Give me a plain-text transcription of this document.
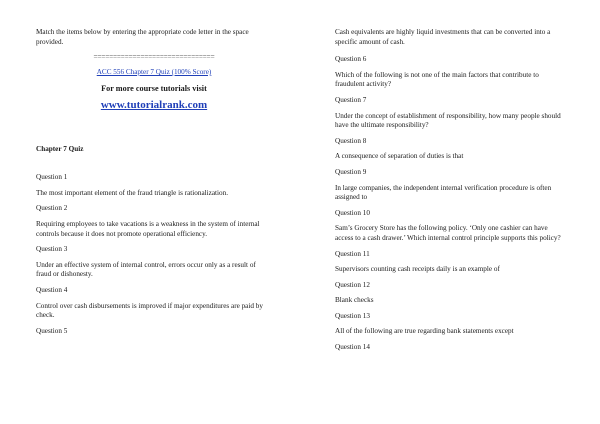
Match the items below by entering the appropriate code letter in the space provided.

===============================

ACC 556 Chapter 7 Quiz (100% Score)

For more course tutorials visit

www.tutorialrank.com

Chapter 7 Quiz

Question 1

The most important element of the fraud triangle is rationalization.

Question 2

Requiring employees to take vacations is a weakness in the system of internal controls because it does not promote operational efficiency.

Question 3

Under an effective system of internal control, errors occur only as a result of fraud or dishonesty.

Question 4

Control over cash disbursements is improved if major expenditures are paid by check.

Question 5

Cash equivalents are highly liquid investments that can be converted into a specific amount of cash.

Question 6

Which of the following is not one of the main factors that contribute to fraudulent activity?

Question 7

Under the concept of establishment of responsibility, how many people should have the ultimate responsibility?

Question 8

A consequence of separation of duties is that

Question 9

In large companies, the independent internal verification procedure is often assigned to

Question 10

Sam’s Grocery Store has the following policy. ‘Only one cashier can have access to a cash drawer.’ Which internal control principle supports this policy?

Question 11

Supervisors counting cash receipts daily is an example of

Question 12

Blank checks

Question 13

All of the following are true regarding bank statements except

Question 14
